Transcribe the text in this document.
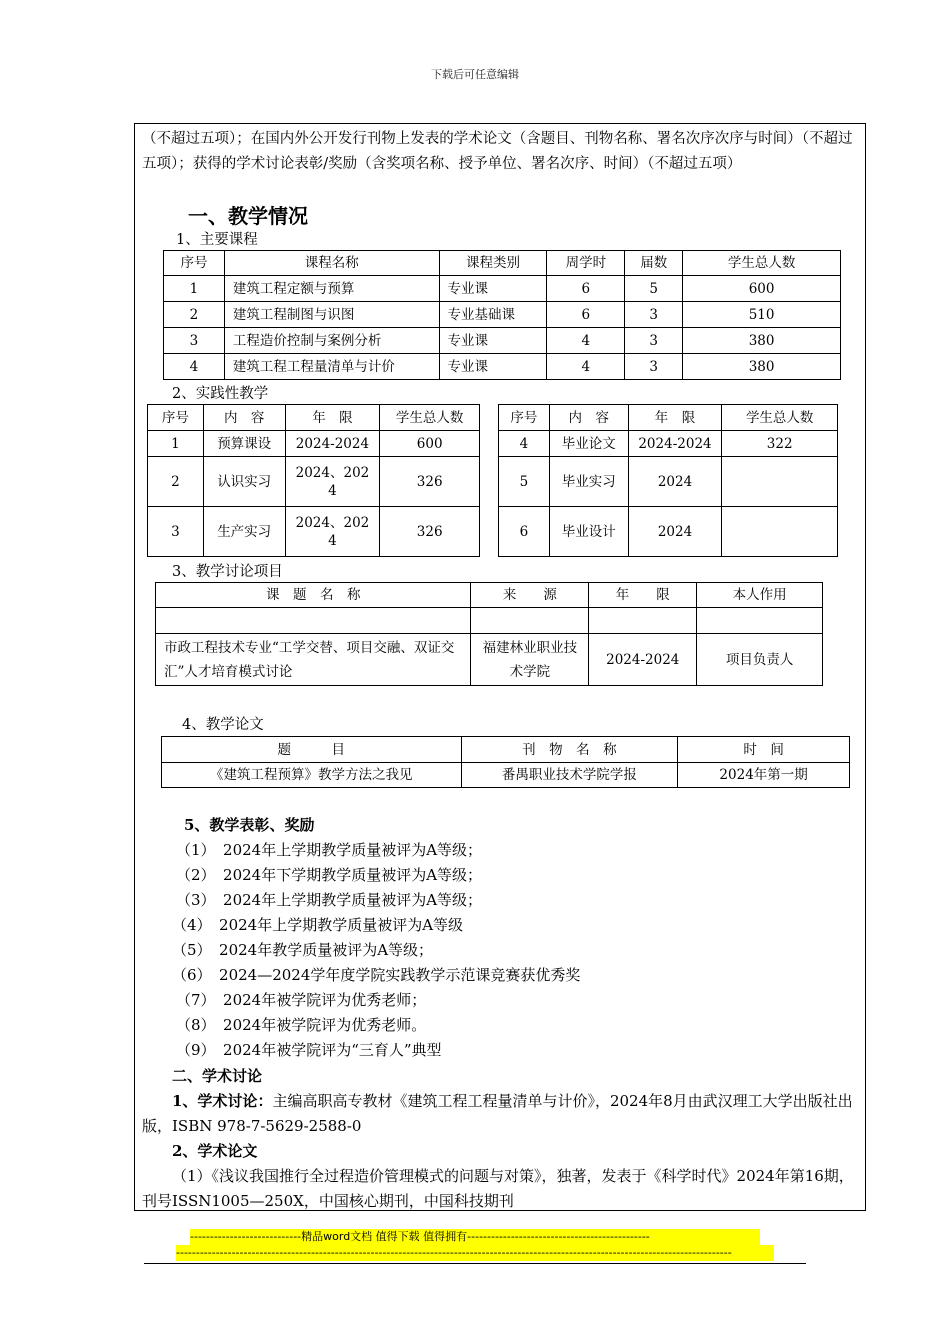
下载后可任意编辑
（不超过五项）；在国内外公开发行刊物上发表的学术论文（含题目、刊物名称、署名次序次序与时间）（不超过五项）；获得的学术讨论表彰/奖励（含奖项名称、授予单位、署名次序、时间）（不超过五项）
一、教学情况
1、主要课程
序号	课程名称	课程类别	周学时	届数	学生总人数
1	建筑工程定额与预算	专业课	6	5	600
2	建筑工程制图与识图	专业基础课	6	3	510
3	工程造价控制与案例分析	专业课	4	3	380
4	建筑工程工程量清单与计价	专业课	4	3	380
2、实践性教学
序号	内　容	年　限	学生总人数
1	预算课设	2024-2024	600
2	认识实习	2024、2024	326
3	生产实习	2024、2024	326
序号	内　容	年　限	学生总人数
4	毕业论文	2024-2024	322
5	毕业实习	2024	
6	毕业设计	2024	
3、教学讨论项目
课　题　名　称	来　　源	年　　限	本人作用

市政工程技术专业“工学交替、项目交融、双证交汇”人才培育模式讨论	福建林业职业技术学院	2024-2024	项目负责人
4、教学论文
题　　　目	刊　物　名　称	时　间
《建筑工程预算》教学方法之我见	番禺职业技术学院学报	2024年第一期
5、教学表彰、奖励
（1）　2024年上学期教学质量被评为A等级；
（2）　2024年下学期教学质量被评为A等级；
（3）　2024年上学期教学质量被评为A等级；
（4）　2024年上学期教学质量被评为A等级
（5）　2024年教学质量被评为A等级；
（6）　2024—2024学年度学院实践教学示范课竞赛获优秀奖
（7）　2024年被学院评为优秀老师；
（8）　2024年被学院评为优秀老师。
（9）　2024年被学院评为“三育人”典型
二、学术讨论
1、学术讨论：主编高职高专教材《建筑工程工程量清单与计价》，2024年8月由武汉理工大学出版社出版，ISBN 978-7-5629-2588-0
2、学术论文
（1）《浅议我国推行全过程造价管理模式的问题与对策》，独著，发表于《科学时代》2024年第16期，刊号ISSN1005—250X，中国核心期刊，中国科技期刊
----------------------------精品word文档 值得下载 值得拥有----------------------------------------------
--------------------------------------------------------------------------------------------------------------------------------------------
